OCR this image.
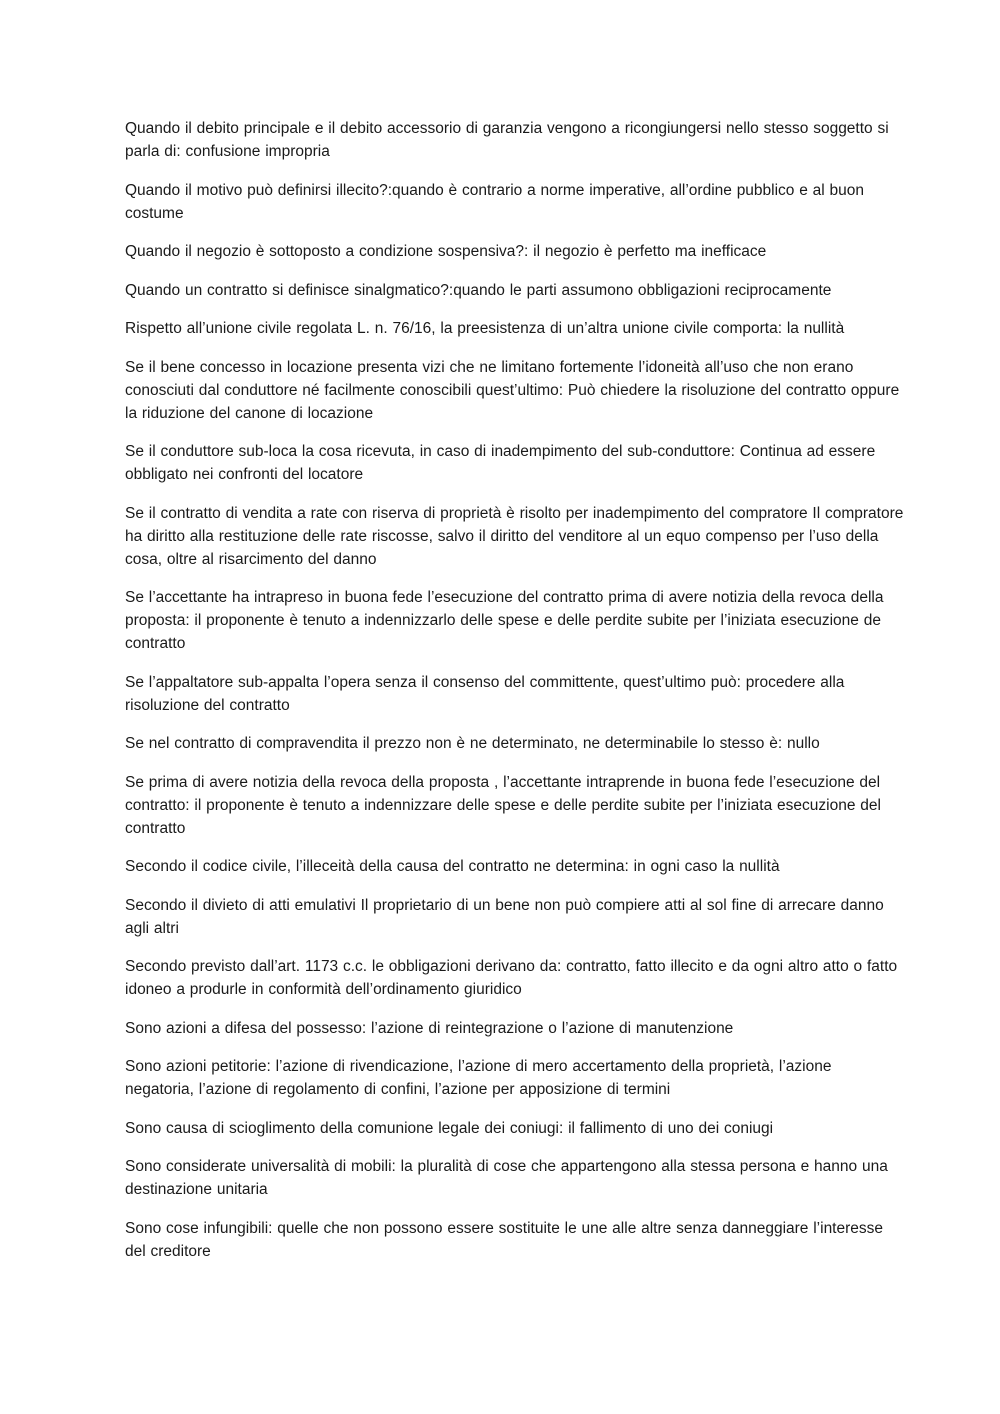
Quando il debito principale e il debito accessorio di garanzia vengono a ricongiungersi nello stesso soggetto si parla di: confusione impropria

Quando il motivo può definirsi illecito?:quando è contrario a norme imperative, all’ordine pubblico e al buon costume

Quando il negozio è sottoposto a condizione sospensiva?: il negozio è perfetto ma inefficace

Quando un contratto si definisce sinalgmatico?:quando le parti assumono obbligazioni reciprocamente

Rispetto all’unione civile regolata L. n. 76/16, la preesistenza di un’altra unione civile comporta: la nullità

Se il bene concesso in locazione presenta vizi che ne limitano fortemente l’idoneità all’uso che non erano conosciuti dal conduttore né facilmente conoscibili quest’ultimo: Può chiedere la risoluzione del contratto oppure la riduzione del canone di locazione

Se il conduttore sub-loca la cosa ricevuta, in caso di inadempimento del sub-conduttore: Continua ad essere obbligato nei confronti del locatore

Se il contratto di vendita a rate con riserva di proprietà è risolto per inadempimento del compratore Il compratore ha diritto alla restituzione delle rate riscosse, salvo il diritto del venditore al un equo compenso per l’uso della cosa, oltre al risarcimento del danno

Se l’accettante ha intrapreso in buona fede l’esecuzione del contratto prima di avere notizia della revoca della proposta: il proponente è tenuto a indennizzarlo delle spese e delle perdite subite per l’iniziata esecuzione de contratto

Se l’appaltatore sub-appalta l’opera senza il consenso del committente, quest’ultimo può: procedere alla risoluzione del contratto

Se nel contratto di compravendita il prezzo non è ne determinato, ne determinabile lo stesso è: nullo

Se prima di avere notizia della revoca della proposta , l’accettante intraprende in buona fede l’esecuzione del contratto: il proponente è tenuto a indennizzare delle spese e delle perdite subite per l’iniziata esecuzione del contratto

Secondo il codice civile, l’illeceità della causa del contratto ne determina: in ogni caso la nullità

Secondo il divieto di atti emulativi Il proprietario di un bene non può compiere atti al sol fine di arrecare danno agli altri

Secondo previsto dall’art. 1173 c.c. le obbligazioni derivano da: contratto, fatto illecito e da ogni altro atto o fatto idoneo a produrle in conformità dell’ordinamento giuridico

Sono azioni a difesa del possesso: l’azione di reintegrazione o l’azione di manutenzione

Sono azioni petitorie: l’azione di rivendicazione, l’azione di mero accertamento della proprietà, l’azione negatoria, l’azione di regolamento di confini, l’azione per apposizione di termini

Sono causa di scioglimento della comunione legale dei coniugi: il fallimento di uno dei coniugi

Sono considerate universalità di mobili: la pluralità di cose che appartengono alla stessa persona e hanno una destinazione unitaria

Sono cose infungibili: quelle che non possono essere sostituite le une alle altre senza danneggiare l’interesse del creditore
